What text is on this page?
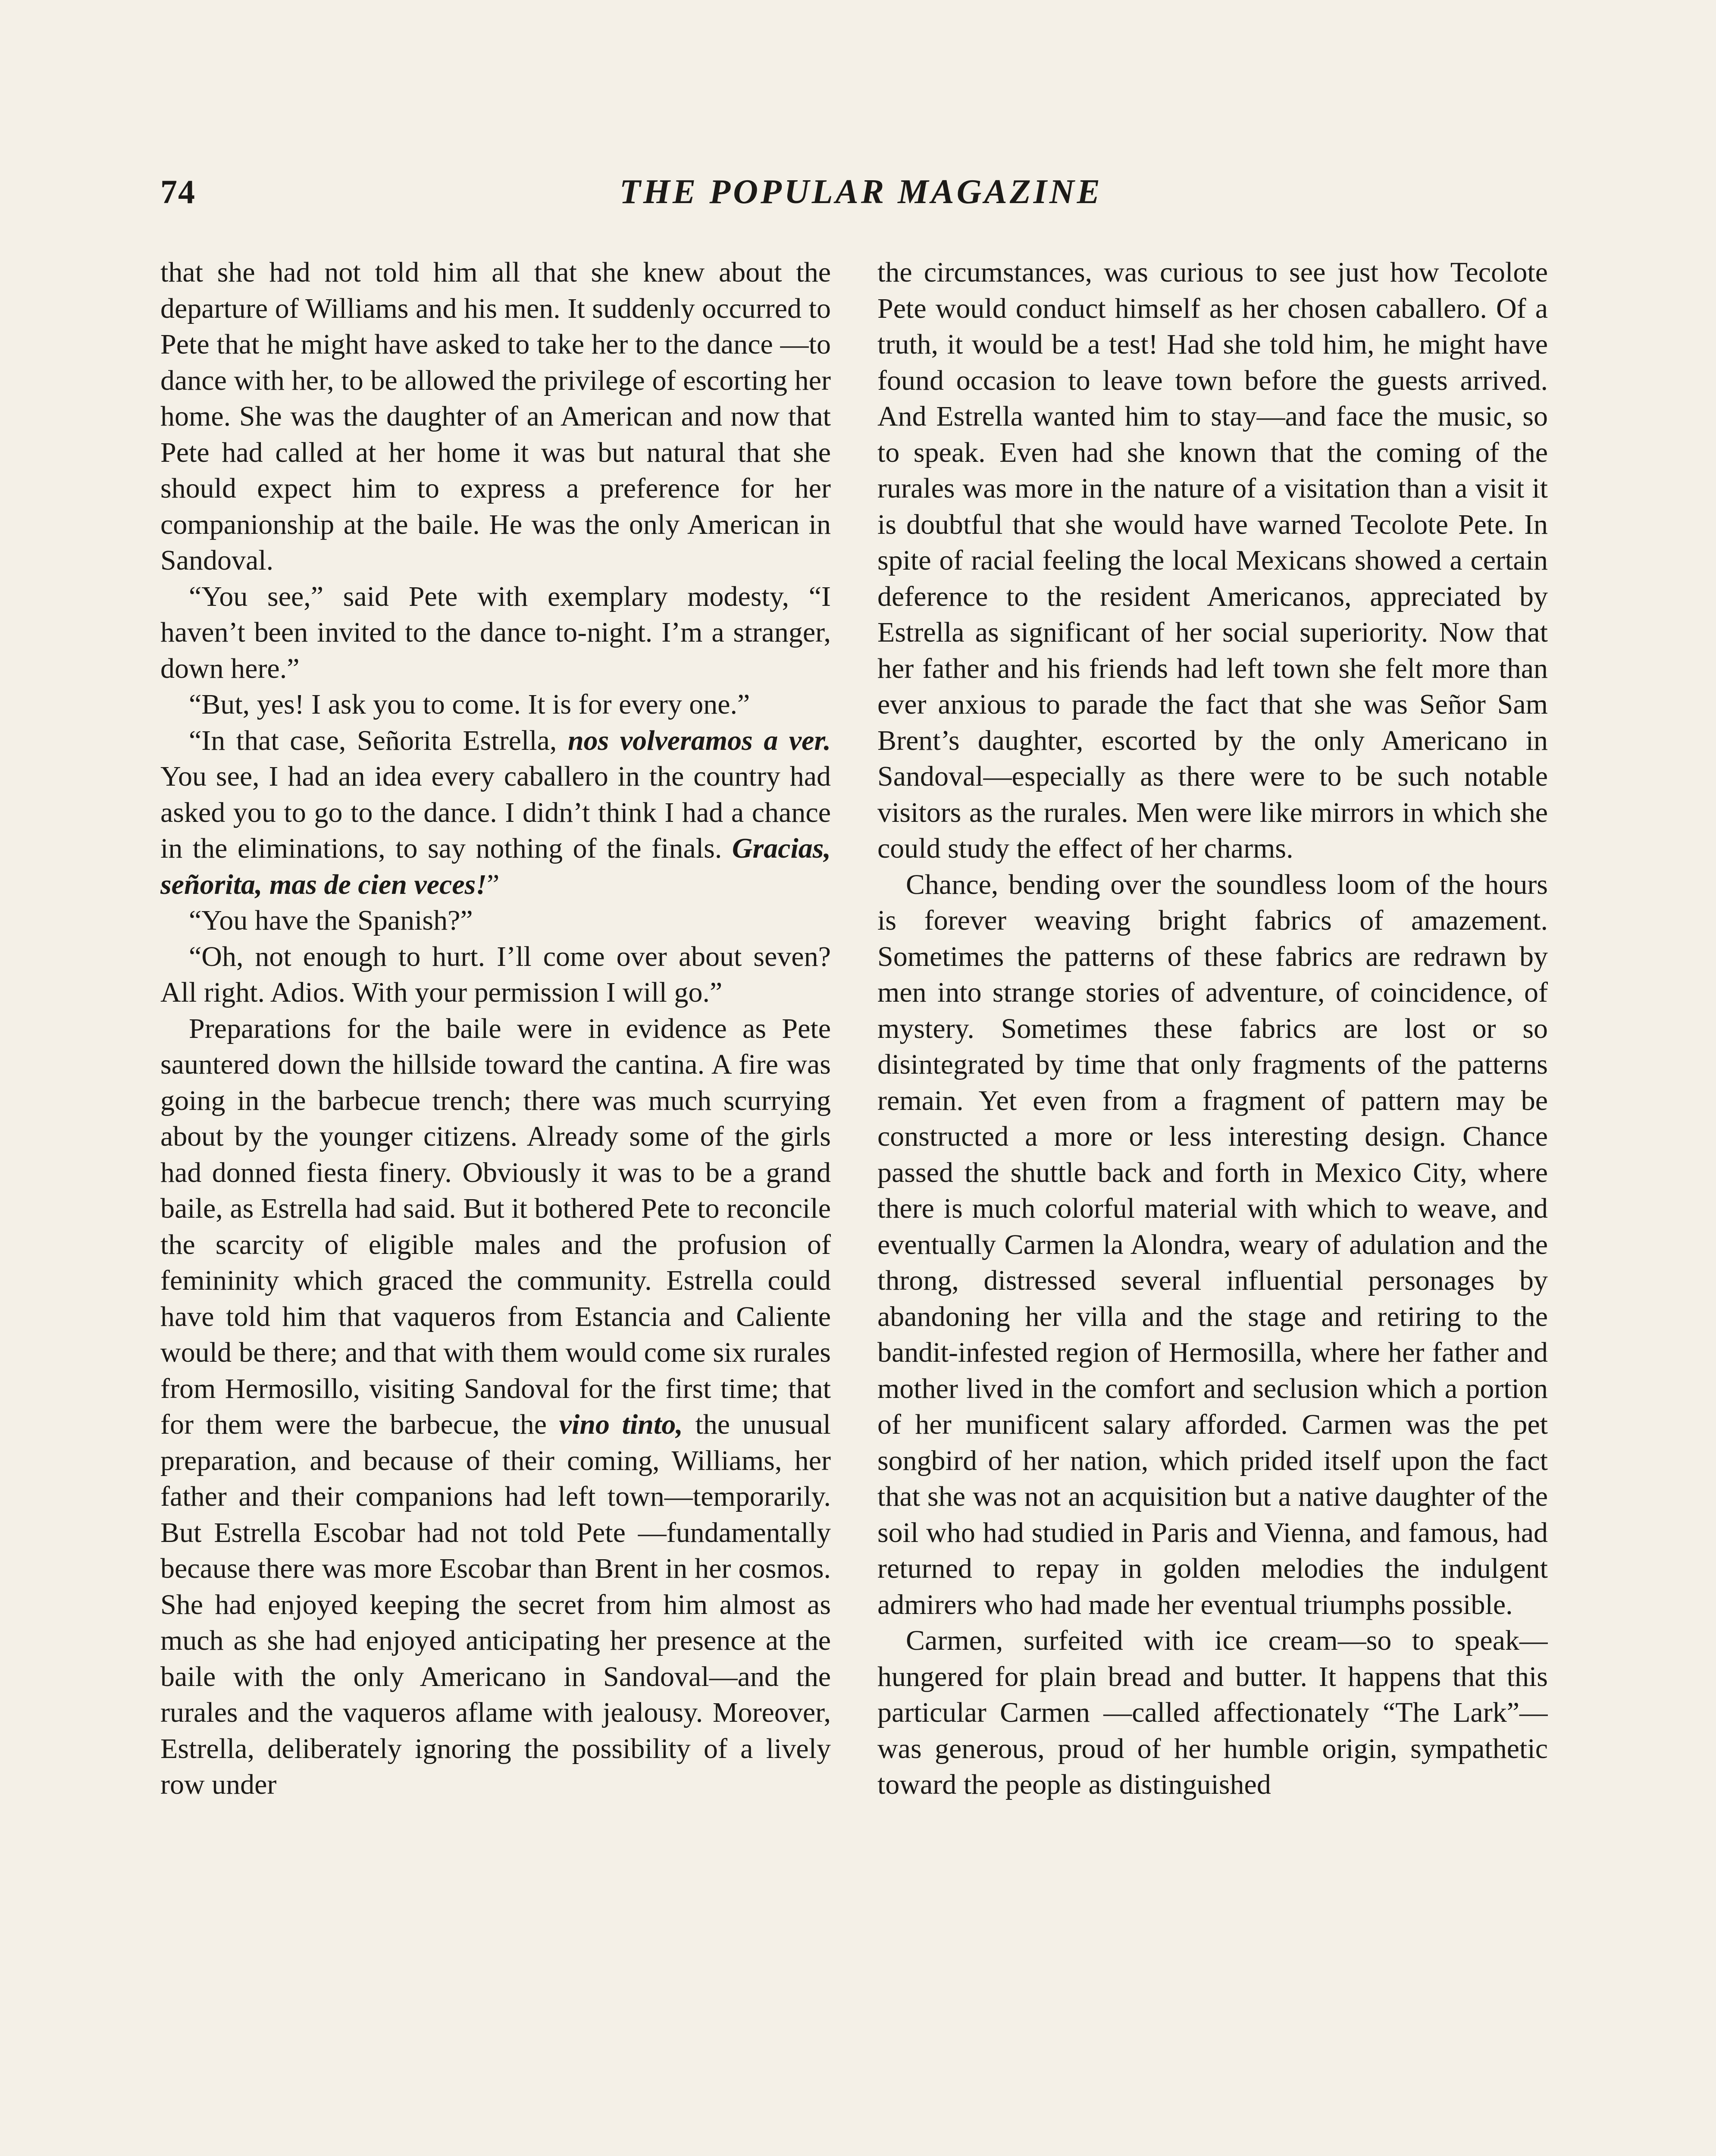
74	THE POPULAR MAGAZINE

that she had not told him all that she knew about the departure of Williams and his men. It suddenly occurred to Pete that he might have asked to take her to the dance —to dance with her, to be allowed the privilege of escorting her home. She was the daughter of an American and now that Pete had called at her home it was but natural that she should expect him to express a preference for her companionship at the baile. He was the only American in Sandoval.

“You see,” said Pete with exemplary modesty, “I haven’t been invited to the dance to-night. I’m a stranger, down here.”

“But, yes! I ask you to come. It is for every one.”

“In that case, Señorita Estrella, nos volveramos a ver. You see, I had an idea every caballero in the country had asked you to go to the dance. I didn’t think I had a chance in the eliminations, to say nothing of the finals. Gracias, señorita, mas de cien veces!”

“You have the Spanish?”

“Oh, not enough to hurt. I’ll come over about seven? All right. Adios. With your permission I will go.”

Preparations for the baile were in evidence as Pete sauntered down the hillside toward the cantina. A fire was going in the barbecue trench; there was much scurrying about by the younger citizens. Already some of the girls had donned fiesta finery. Obviously it was to be a grand baile, as Estrella had said. But it bothered Pete to reconcile the scarcity of eligible males and the profusion of femininity which graced the community. Estrella could have told him that vaqueros from Estancia and Caliente would be there; and that with them would come six rurales from Hermosillo, visiting Sandoval for the first time; that for them were the barbecue, the vino tinto, the unusual preparation, and because of their coming, Williams, her father and their companions had left town—temporarily. But Estrella Escobar had not told Pete —fundamentally because there was more Escobar than Brent in her cosmos. She had enjoyed keeping the secret from him almost as much as she had enjoyed anticipating her presence at the baile with the only Americano in Sandoval—and the rurales and the vaqueros aflame with jealousy. Moreover, Estrella, deliberately ignoring the possibility of a lively row under

the circumstances, was curious to see just how Tecolote Pete would conduct himself as her chosen caballero. Of a truth, it would be a test! Had she told him, he might have found occasion to leave town before the guests arrived. And Estrella wanted him to stay—and face the music, so to speak. Even had she known that the coming of the rurales was more in the nature of a visitation than a visit it is doubtful that she would have warned Tecolote Pete. In spite of racial feeling the local Mexicans showed a certain deference to the resident Americanos, appreciated by Estrella as significant of her social superiority. Now that her father and his friends had left town she felt more than ever anxious to parade the fact that she was Señor Sam Brent’s daughter, escorted by the only Americano in Sandoval—especially as there were to be such notable visitors as the rurales. Men were like mirrors in which she could study the effect of her charms.

Chance, bending over the soundless loom of the hours is forever weaving bright fabrics of amazement. Sometimes the patterns of these fabrics are redrawn by men into strange stories of adventure, of coincidence, of mystery. Sometimes these fabrics are lost or so disintegrated by time that only fragments of the patterns remain. Yet even from a fragment of pattern may be constructed a more or less interesting design. Chance passed the shuttle back and forth in Mexico City, where there is much colorful material with which to weave, and eventually Carmen la Alondra, weary of adulation and the throng, distressed several influential personages by abandoning her villa and the stage and retiring to the bandit-infested region of Hermosilla, where her father and mother lived in the comfort and seclusion which a portion of her munificent salary afforded. Carmen was the pet songbird of her nation, which prided itself upon the fact that she was not an acquisition but a native daughter of the soil who had studied in Paris and Vienna, and famous, had returned to repay in golden melodies the indulgent admirers who had made her eventual triumphs possible.

Carmen, surfeited with ice cream—so to speak—hungered for plain bread and butter. It happens that this particular Carmen —called affectionately “The Lark”—was generous, proud of her humble origin, sympathetic toward the people as distinguished
